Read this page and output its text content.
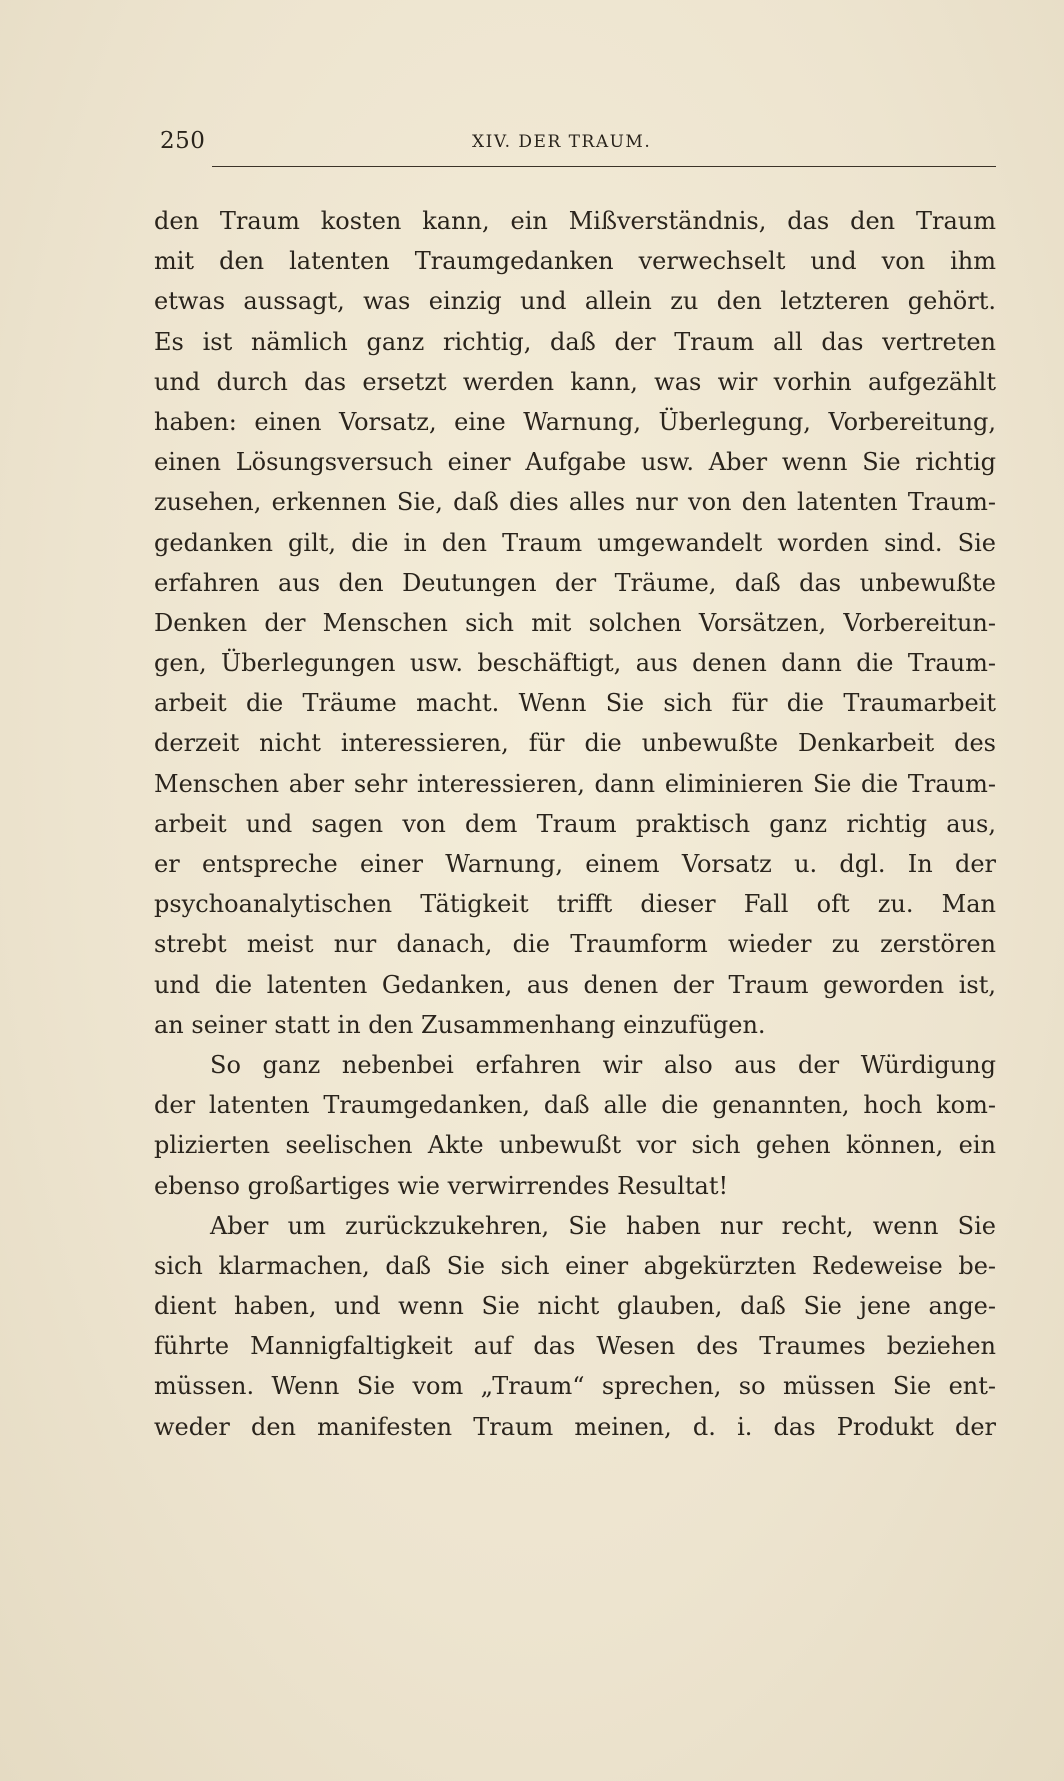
250	XIV. DER TRAUM.
den Traum kosten kann, ein Mißverständnis, das den Traum
mit den latenten Traumgedanken verwechselt und von ihm
etwas aussagt, was einzig und allein zu den letzteren gehört.
Es ist nämlich ganz richtig, daß der Traum all das vertreten
und durch das ersetzt werden kann, was wir vorhin aufgezählt
haben: einen Vorsatz, eine Warnung, Überlegung, Vorbereitung,
einen Lösungsversuch einer Aufgabe usw. Aber wenn Sie richtig
zusehen, erkennen Sie, daß dies alles nur von den latenten Traum-
gedanken gilt, die in den Traum umgewandelt worden sind. Sie
erfahren aus den Deutungen der Träume, daß das unbewußte
Denken der Menschen sich mit solchen Vorsätzen, Vorbereitun-
gen, Überlegungen usw. beschäftigt, aus denen dann die Traum-
arbeit die Träume macht. Wenn Sie sich für die Traumarbeit
derzeit nicht interessieren, für die unbewußte Denkarbeit des
Menschen aber sehr interessieren, dann eliminieren Sie die Traum-
arbeit und sagen von dem Traum praktisch ganz richtig aus,
er entspreche einer Warnung, einem Vorsatz u. dgl. In der
psychoanalytischen Tätigkeit trifft dieser Fall oft zu. Man
strebt meist nur danach, die Traumform wieder zu zerstören
und die latenten Gedanken, aus denen der Traum geworden ist,
an seiner statt in den Zusammenhang einzufügen.
So ganz nebenbei erfahren wir also aus der Würdigung
der latenten Traumgedanken, daß alle die genannten, hoch kom-
plizierten seelischen Akte unbewußt vor sich gehen können, ein
ebenso großartiges wie verwirrendes Resultat!
Aber um zurückzukehren, Sie haben nur recht, wenn Sie
sich klarmachen, daß Sie sich einer abgekürzten Redeweise be-
dient haben, und wenn Sie nicht glauben, daß Sie jene ange-
führte Mannigfaltigkeit auf das Wesen des Traumes beziehen
müssen. Wenn Sie vom „Traum“ sprechen, so müssen Sie ent-
weder den manifesten Traum meinen, d. i. das Produkt der
